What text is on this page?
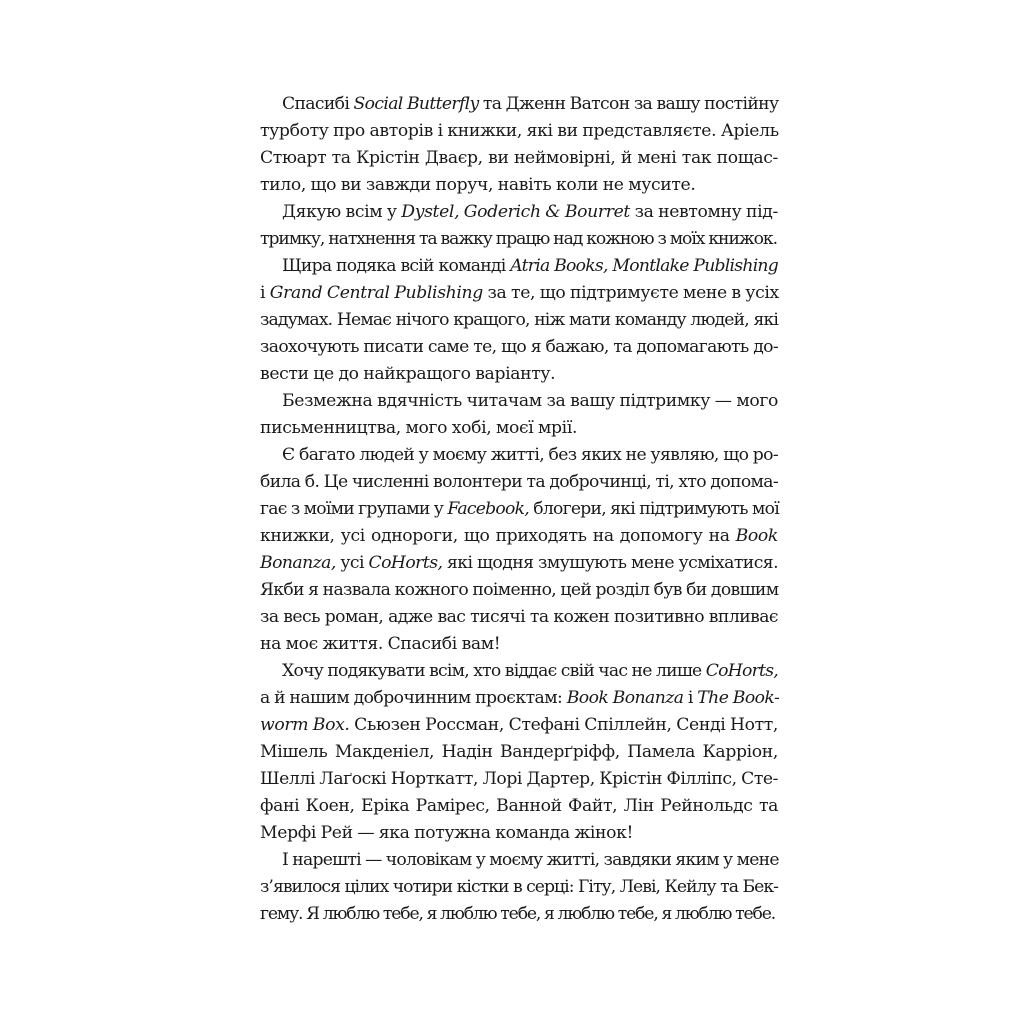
Спасибі Social Butterfly та Дженн Ватсон за вашу постійну
турботу про авторів і книжки, які ви представляєте. Аріель
Стюарт та Крістін Дваєр, ви неймовірні, й мені так пощас-
тило, що ви завжди поруч, навіть коли не мусите.
Дякую всім у Dystel, Goderich & Bourret за невтомну під-
тримку, натхнення та важку працю над кожною з моїх книжок.
Щира подяка всій команді Atria Books, Montlake Publishing
і Grand Central Publishing за те, що підтримуєте мене в усіх
задумах. Немає нічого кращого, ніж мати команду людей, які
заохочують писати саме те, що я бажаю, та допомагають до-
вести це до найкращого варіанту.
Безмежна вдячність читачам за вашу підтримку — мого
письменництва, мого хобі, моєї мрії.
Є багато людей у моєму житті, без яких не уявляю, що ро-
била б. Це численні волонтери та доброчинці, ті, хто допома-
гає з моїми групами у Facebook, блогери, які підтримують мої
книжки, усі однороги, що приходять на допомогу на Book
Bonanza, усі CoHorts, які щодня змушують мене усміхатися.
Якби я назвала кожного поіменно, цей розділ був би довшим
за весь роман, адже вас тисячі та кожен позитивно впливає
на моє життя. Спасибі вам!
Хочу подякувати всім, хто віддає свій час не лише CoHorts,
а й нашим доброчинним проєктам: Book Bonanza і The Book-
worm Box. Сьюзен Россман, Стефані Спіллейн, Сенді Нотт,
Мішель Макденіел, Надін Вандерґріфф, Памела Карріон,
Шеллі Лаґоскі Норткатт, Лорі Дартер, Крістін Філліпс, Сте-
фані Коен, Еріка Рамірес, Ванной Файт, Лін Рейнольдс та
Мерфі Рей — яка потужна команда жінок!
І нарешті — чоловікам у моєму житті, завдяки яким у мене
з’явилося цілих чотири кістки в серці: Гіту, Леві, Кейлу та Бек-
гему. Я люблю тебе, я люблю тебе, я люблю тебе, я люблю тебе.
